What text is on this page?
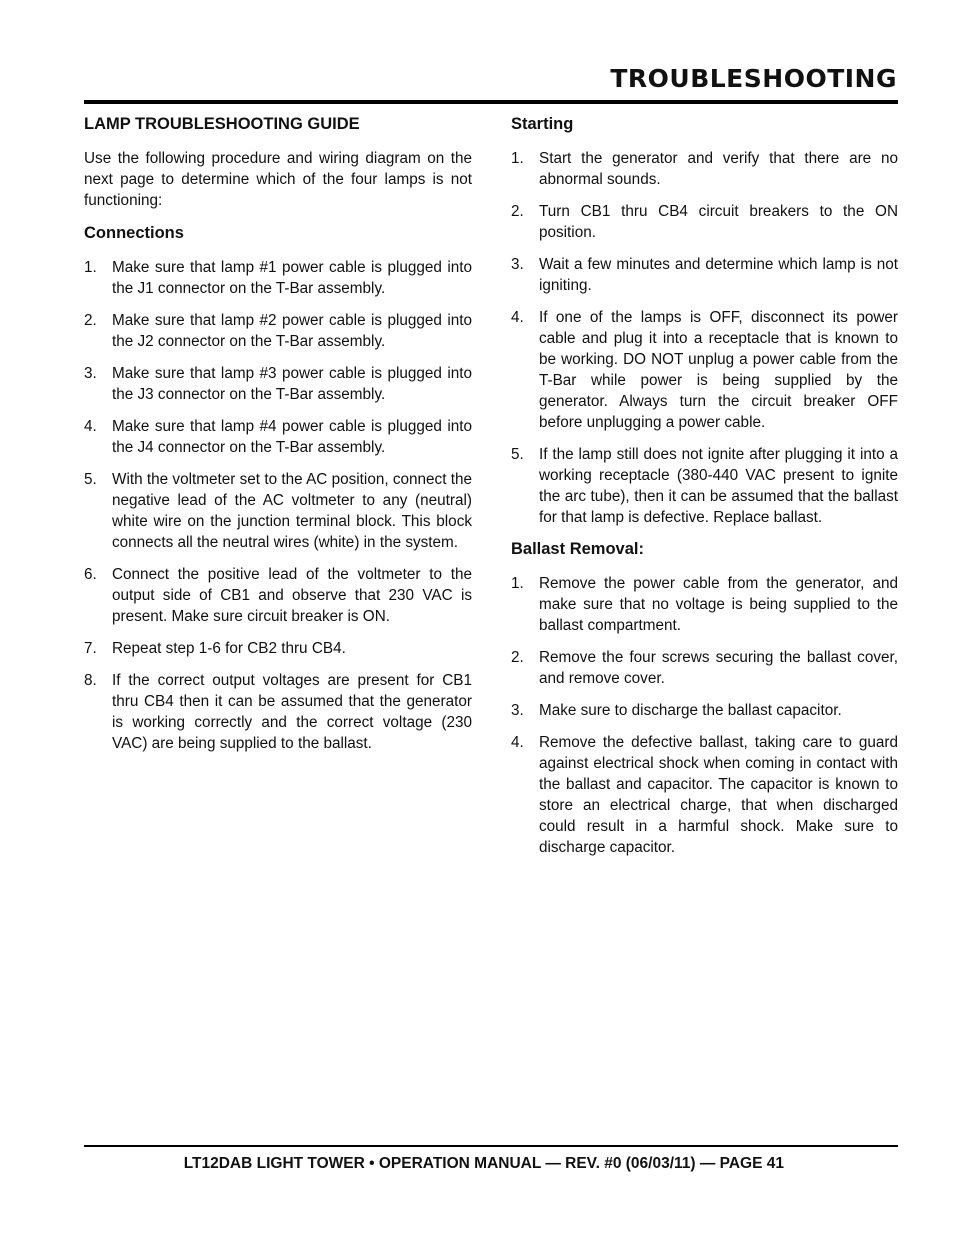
TROUBLESHOOTING
LAMP TROUBLESHOOTING GUIDE

Use the following procedure and wiring diagram on the next page to determine which of the four lamps is not functioning:

Connections
1. Make sure that lamp #1 power cable is plugged into the J1 connector on the T-Bar assembly.
2. Make sure that lamp #2 power cable is plugged into the J2 connector on the T-Bar assembly.
3. Make sure that lamp #3 power cable is plugged into the J3 connector on the T-Bar assembly.
4. Make sure that lamp #4 power cable is plugged into the J4 connector on the T-Bar assembly.
5. With the voltmeter set to the AC position, connect the negative lead of the AC voltmeter to any (neutral) white wire on the junction terminal block. This block connects all the neutral wires (white) in the system.
6. Connect the positive lead of the voltmeter to the output side of CB1 and observe that 230 VAC is present. Make sure circuit breaker is ON.
7. Repeat step 1-6 for CB2 thru CB4.
8. If the correct output voltages are present for CB1 thru CB4 then it can be assumed that the generator is working correctly and the correct voltage (230 VAC) are being supplied to the ballast.
Starting
1. Start the generator and verify that there are no abnormal sounds.
2. Turn CB1 thru CB4 circuit breakers to the ON position.
3. Wait a few minutes and determine which lamp is not igniting.
4. If one of the lamps is OFF, disconnect its power cable and plug it into a receptacle that is known to be working. DO NOT unplug a power cable from the T-Bar while power is being supplied by the generator. Always turn the circuit breaker OFF before unplugging a power cable.
5. If the lamp still does not ignite after plugging it into a working receptacle (380-440 VAC present to ignite the arc tube), then it can be assumed that the ballast for that lamp is defective. Replace ballast.
Ballast Removal:
1. Remove the power cable from the generator, and make sure that no voltage is being supplied to the ballast compartment.
2. Remove the four screws securing the ballast cover, and remove cover.
3. Make sure to discharge the ballast capacitor.
4. Remove the defective ballast, taking care to guard against electrical shock when coming in contact with the ballast and capacitor. The capacitor is known to store an electrical charge, that when discharged could result in a harmful shock. Make sure to discharge capacitor.
LT12DAB LIGHT TOWER • OPERATION MANUAL — REV. #0 (06/03/11) — PAGE 41
